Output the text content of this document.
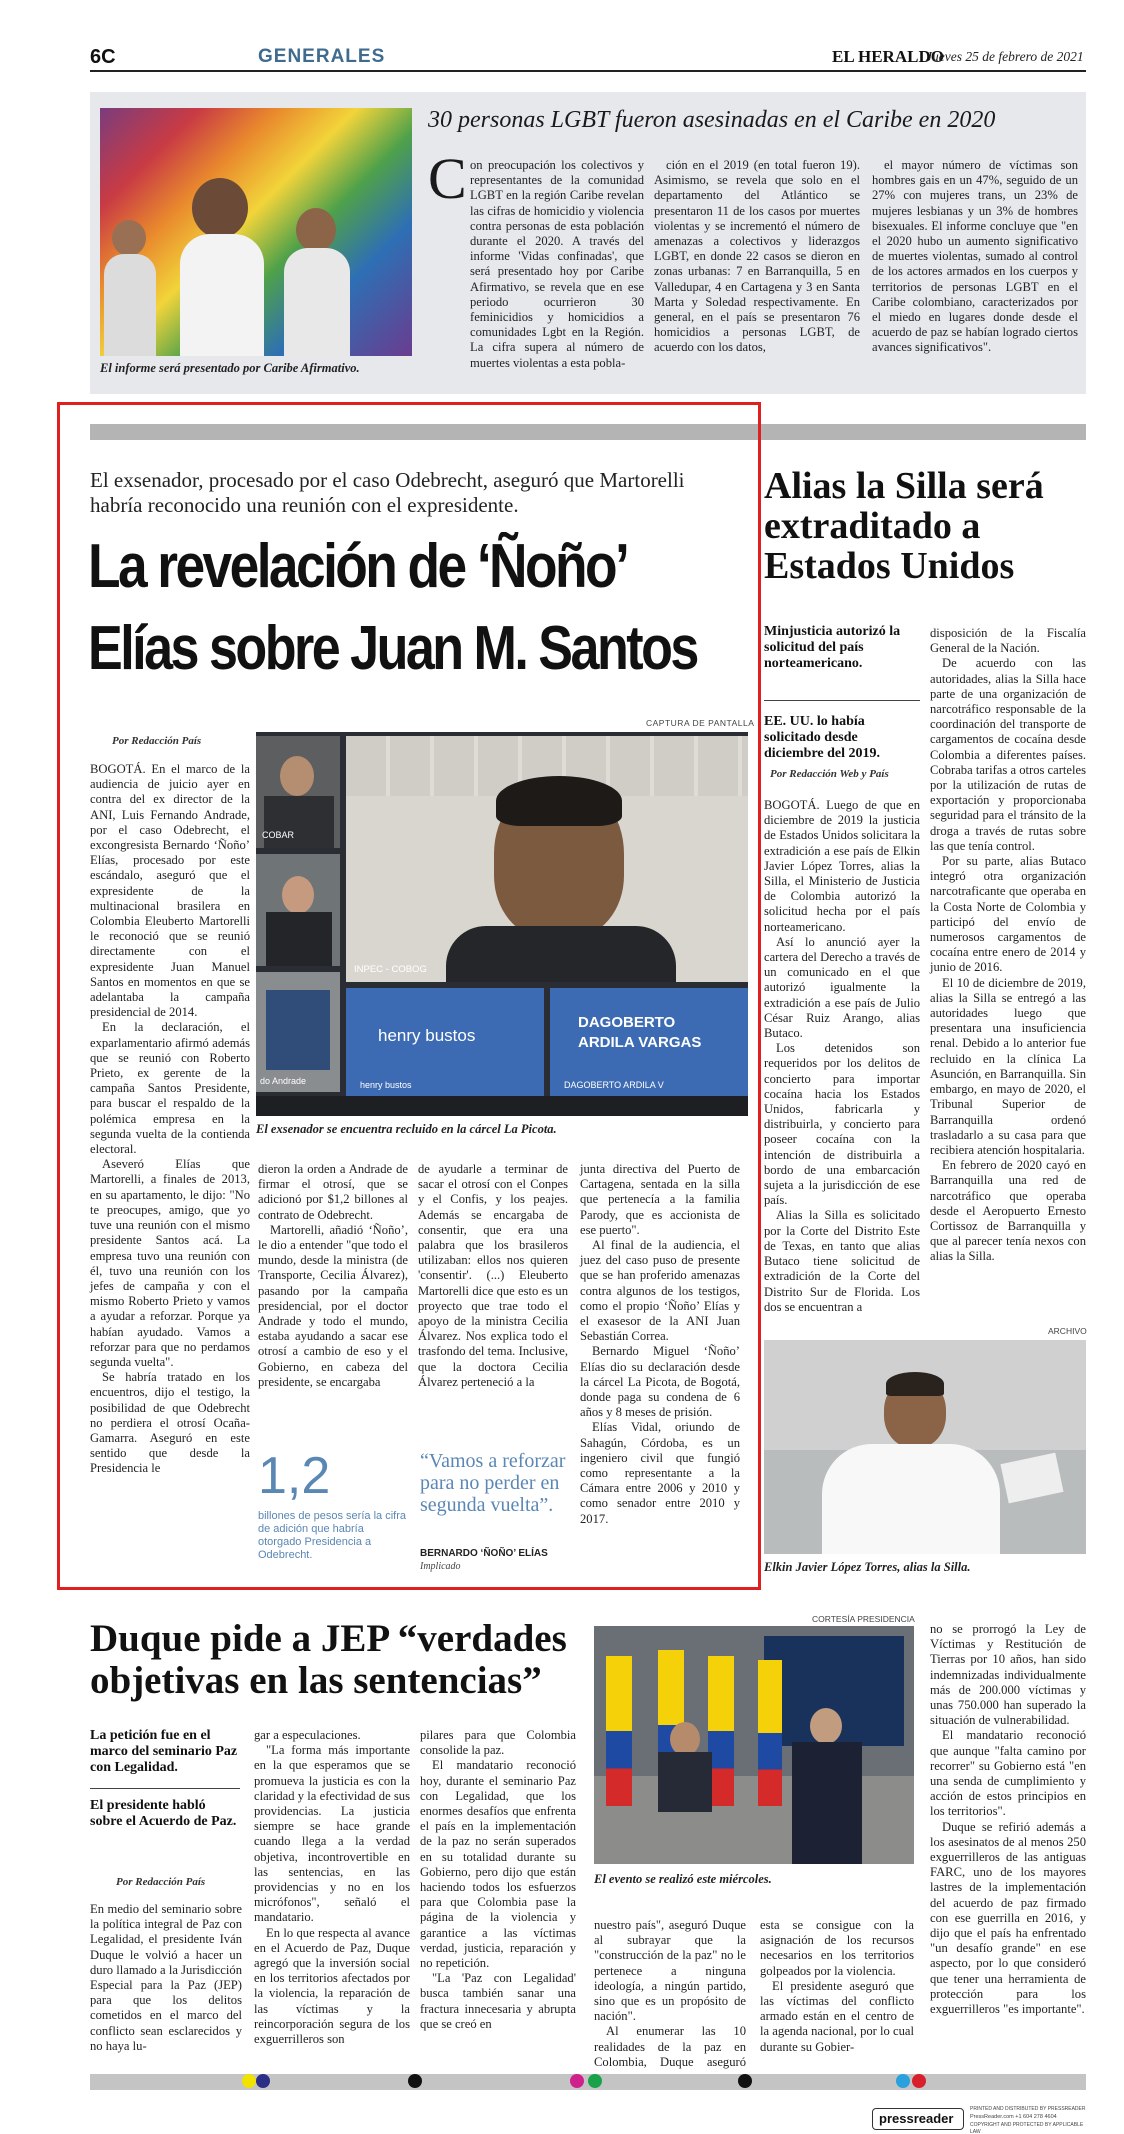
6C	GENERALES	EL HERALDO
Jueves 25 de febrero de 2021
El informe será presentado por Caribe Afirmativo.
30 personas LGBT fueron asesinadas en el Caribe en 2020
C on preocupación los colectivos y representantes de la comunidad LGBT en la región Caribe revelan las cifras de homicidio y violencia contra personas de esta población durante el 2020. A través del informe 'Vidas confinadas', que será presentado hoy por Caribe Afirmativo, se revela que en ese periodo ocurrieron 30 feminicidios y homicidios a comunidades Lgbt en la Región. La cifra supera al número de muertes violentas a esta pobla-

ción en el 2019 (en total fueron 19). Asimismo, se revela que solo en el departamento del Atlántico se presentaron 11 de los casos por muertes violentas y se incrementó el número de amenazas a colectivos y liderazgos LGBT, en donde 22 casos se dieron en zonas urbanas: 7 en Barranquilla, 5 en Valledupar, 4 en Cartagena y 3 en Santa Marta y Soledad respectivamente. En general, en el país se presentaron 76 homicidios a personas LGBT, de acuerdo con los datos,

el mayor número de víctimas son hombres gais en un 47%, seguido de un 27% con mujeres trans, un 23% de mujeres lesbianas y un 3% de hombres bisexuales. El informe concluye que "en el 2020 hubo un aumento significativo de muertes violentas, sumado al control de los actores armados en los cuerpos y territorios de personas LGBT en el Caribe colombiano, caracterizados por el miedo en lugares donde desde el acuerdo de paz se habían logrado ciertos avances significativos".

El exsenador, procesado por el caso Odebrecht, aseguró que Martorelli habría reconocido una reunión con el expresidente.
La revelación de ‘Ñoño’
Elías sobre Juan M. Santos
CAPTURA DE PANTALLA
COBAR
do Andrade
INPEC - COBOG
henry bustos
henry bustos
DAGOBERTO
ARDILA VARGAS
DAGOBERTO ARDILA V
El exsenador se encuentra recluido en la cárcel La Picota.
Por Redacción País

BOGOTÁ. En el marco de la audiencia de juicio ayer en contra del ex director de la ANI, Luis Fernando Andrade, por el caso Odebrecht, el excongresista Bernardo ‘Ñoño’ Elías, procesado por este escándalo, aseguró que el expresidente de la multinacional brasilera en Colombia Eleuberto Martorelli le reconoció que se reunió directamente con el expresidente Juan Manuel Santos en momentos en que se adelantaba la campaña presidencial de 2014.

En la declaración, el exparlamentario afirmó además que se reunió con Roberto Prieto, ex gerente de la campaña Santos Presidente, para buscar el respaldo de la polémica empresa en la segunda vuelta de la contienda electoral.

Aseveró Elías que Martorelli, a finales de 2013, en su apartamento, le dijo: "No te preocupes, amigo, que yo tuve una reunión con el mismo presidente Santos acá. La empresa tuvo una reunión con él, tuvo una reunión con los jefes de campaña y con el mismo Roberto Prieto y vamos a ayudar a reforzar. Porque ya habían ayudado. Vamos a reforzar para que no perdamos segunda vuelta".

Se habría tratado en los encuentros, dijo el testigo, la posibilidad de que Odebrecht no perdiera el otrosí Ocaña-Gamarra. Aseguró en este sentido que desde la Presidencia le

dieron la orden a Andrade de firmar el otrosí, que se adicionó por $1,2 billones al contrato de Odebrecht.

Martorelli, añadió ‘Ñoño’, le dio a entender "que todo el mundo, desde la ministra (de Transporte, Cecilia Álvarez), pasando por la campaña presidencial, por el doctor Andrade y todo el mundo, estaba ayudando a sacar ese otrosí a cambio de eso y el Gobierno, en cabeza del presidente, se encargaba

de ayudarle a terminar de sacar el otrosí con el Conpes y el Confis, y los peajes. Además se encargaba de consentir, que era una palabra que los brasileros utilizaban: ellos nos quieren 'consentir'. (...) Eleuberto Martorelli dice que esto es un proyecto que trae todo el apoyo de la ministra Cecilia Álvarez. Nos explica todo el trasfondo del tema. Inclusive, que la doctora Cecilia Álvarez perteneció a la

junta directiva del Puerto de Cartagena, sentada en la silla que pertenecía a la familia Parody, que es accionista de ese puerto".

Al final de la audiencia, el juez del caso puso de presente que se han proferido amenazas contra algunos de los testigos, como el propio ‘Ñoño’ Elías y el exasesor de la ANI Juan Sebastián Correa.

Bernardo Miguel ‘Ñoño’ Elías dio su declaración desde la cárcel La Picota, de Bogotá, donde paga su condena de 6 años y 8 meses de prisión.

Elías Vidal, oriundo de Sahagún, Córdoba, es un ingeniero civil que fungió como representante a la Cámara entre 2006 y 2010 y como senador entre 2010 y 2017.

1,2
billones de pesos sería la cifra de adición que habría otorgado Presidencia a Odebrecht.
“Vamos a reforzar para no perder en segunda vuelta”.
BERNARDO ‘ÑOÑO’ ELÍAS
Implicado
Alias la Silla será extraditado a Estados Unidos
Minjusticia autorizó la solicitud del país norteamericano.
EE. UU. lo había solicitado desde diciembre del 2019.
Por Redacción Web y País

BOGOTÁ. Luego de que en diciembre de 2019 la justicia de Estados Unidos solicitara la extradición a ese país de Elkin Javier López Torres, alias la Silla, el Ministerio de Justicia de Colombia autorizó la solicitud hecha por el país norteamericano.

Así lo anunció ayer la cartera del Derecho a través de un comunicado en el que autorizó igualmente la extradición a ese país de Julio César Ruiz Arango, alias Butaco.

Los detenidos son requeridos por los delitos de concierto para importar cocaína hacia los Estados Unidos, fabricarla y distribuirla, y concierto para poseer cocaína con la intención de distribuirla a bordo de una embarcación sujeta a la jurisdicción de ese país.

Alias la Silla es solicitado por la Corte del Distrito Este de Texas, en tanto que alias Butaco tiene solicitud de extradición de la Corte del Distrito Sur de Florida. Los dos se encuentran a

disposición de la Fiscalía General de la Nación.

De acuerdo con las autoridades, alias la Silla hace parte de una organización de narcotráfico responsable de la coordinación del transporte de cargamentos de cocaína desde Colombia a diferentes países. Cobraba tarifas a otros carteles por la utilización de rutas de exportación y proporcionaba seguridad para el tránsito de la droga a través de rutas sobre las que tenía control.

Por su parte, alias Butaco integró otra organización narcotraficante que operaba en la Costa Norte de Colombia y participó del envío de numerosos cargamentos de cocaína entre enero de 2014 y junio de 2016.

El 10 de diciembre de 2019, alias la Silla se entregó a las autoridades luego que presentara una insuficiencia renal. Debido a lo anterior fue recluido en la clínica La Asunción, en Barranquilla. Sin embargo, en mayo de 2020, el Tribunal Superior de Barranquilla ordenó trasladarlo a su casa para que recibiera atención hospitalaria.

En febrero de 2020 cayó en Barranquilla una red de narcotráfico que operaba desde el Aeropuerto Ernesto Cortissoz de Barranquilla y que al parecer tenía nexos con alias la Silla.

ARCHIVO
Elkin Javier López Torres, alias la Silla.
Duque pide a JEP “verdades objetivas en las sentencias”
La petición fue en el marco del seminario Paz con Legalidad.
El presidente habló sobre el Acuerdo de Paz.
Por Redacción País

En medio del seminario sobre la política integral de Paz con Legalidad, el presidente Iván Duque le volvió a hacer un duro llamado a la Jurisdicción Especial para la Paz (JEP) para que los delitos cometidos en el marco del conflicto sean esclarecidos y no haya lu-

gar a especulaciones.

"La forma más importante en la que esperamos que se promueva la justicia es con la claridad y la efectividad de sus providencias. La justicia siempre se hace grande cuando llega a la verdad objetiva, incontrovertible en las sentencias, en las providencias y no en los micrófonos", señaló el mandatario.

En lo que respecta al avance en el Acuerdo de Paz, Duque agregó que la inversión social en los territorios afectados por la violencia, la reparación de las víctimas y la reincorporación segura de los exguerrilleros son

pilares para que Colombia consolide la paz.

El mandatario reconoció hoy, durante el seminario Paz con Legalidad, que los enormes desafíos que enfrenta el país en la implementación de la paz no serán superados en su totalidad durante su Gobierno, pero dijo que están haciendo todos los esfuerzos para que Colombia pase la página de la violencia y garantice a las víctimas verdad, justicia, reparación y no repetición.

"La 'Paz con Legalidad' busca también sanar una fractura innecesaria y abrupta que se creó en

CORTESÍA PRESIDENCIA
El evento se realizó este miércoles.

nuestro país", aseguró Duque al subrayar que la "construcción de la paz" no le pertenece a ninguna ideología, a ningún partido, sino que es un propósito de nación".

Al enumerar las 10 realidades de la paz en Colombia, Duque aseguró

esta se consigue con la asignación de los recursos necesarios en los territorios golpeados por la violencia.

El presidente aseguró que las víctimas del conflicto armado están en el centro de la agenda nacional, por lo cual durante su Gobier-

no se prorrogó la Ley de Víctimas y Restitución de Tierras por 10 años, han sido indemnizadas individualmente más de 200.000 víctimas y unas 750.000 han superado la situación de vulnerabilidad.

El mandatario reconoció que aunque "falta camino por recorrer" su Gobierno está "en una senda de cumplimiento y acción de estos principios en los territorios".

Duque se refirió además a los asesinatos de al menos 250 exguerrilleros de las antiguas FARC, uno de los mayores lastres de la implementación del acuerdo de paz firmado con ese guerrilla en 2016, y dijo que el país ha enfrentado "un desafío grande" en ese aspecto, por lo que consideró que tener una herramienta de protección para los exguerrilleros "es importante".

pressreader
PRINTED AND DISTRIBUTED BY PRESSREADER
PressReader.com +1 604 278 4604
COPYRIGHT AND PROTECTED BY APPLICABLE LAW
